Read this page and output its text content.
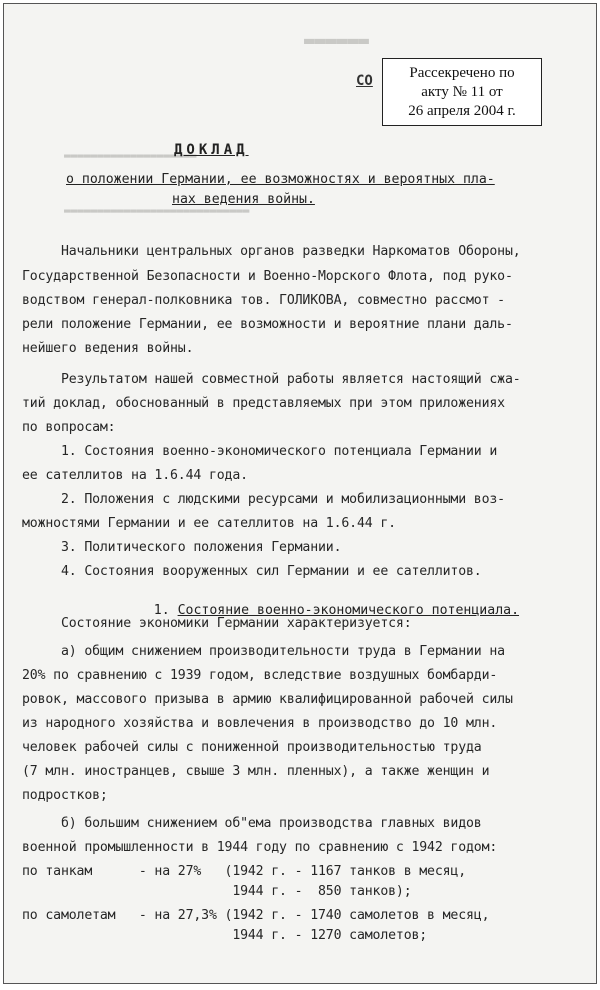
▬▬▬▬▬▬
▬▬▬▬▬▬▬▬▬▬▬▬▬▬▬▬▬▬▬▬
▬▬▬▬▬▬▬▬▬▬▬▬▬▬▬▬▬▬▬▬▬▬▬▬▬▬▬▬
СО
Рассекречено по
акту № 11 от
26 апреля 2004 г.
ДОКЛАД
о положении Германии, ее возможностях и вероятных пла-
нах ведения войны.
Начальники центральных органов разведки Наркоматов Обороны,
Государственной Безопасности и Военно-Морского Флота, под руко-
водством генерал-полковника тов. ГОЛИКОВА, совместно рассмот -
рели положение Германии, ее возможности и вероятние плани даль-
нейшего ведения войны.
Результатом нашей совместной работы является настоящий сжа-
тий доклад, обоснованный в представляемых при этом приложениях
по вопросам:
1. Состояния военно-экономического потенциала Германии и
ее сателлитов на 1.6.44 года.
2. Положения с людскими ресурсами и мобилизационными воз-
можностями Германии и ее сателлитов на 1.6.44 г.
3. Политического положения Германии.
4. Состояния вооруженных сил Германии и ее сателлитов.

1. Состояние военно-экономического потенциала.

Состояние экономики Германии характеризуется:
а) общим снижением производительности труда в Германии на
20% по сравнению с 1939 годом, вследствие воздушных бомбарди-
ровок, массового призыва в армию квалифицированной рабочей силы
из народного хозяйства и вовлечения в производство до 10 млн.
человек рабочей силы с пониженной производительностью труда
(7 млн. иностранцев, свыше 3 млн. пленных), а также женщин и
подростков;
б) большим снижением об"ема производства главных видов
военной промышленности в 1944 году по сравнению с 1942 годом:
по танкам      - на 27%   (1942 г. - 1167 танков в месяц,
1944 г. -  850 танков);
по самолетам   - на 27,3% (1942 г. - 1740 самолетов в месяц,
1944 г. - 1270 самолетов;
